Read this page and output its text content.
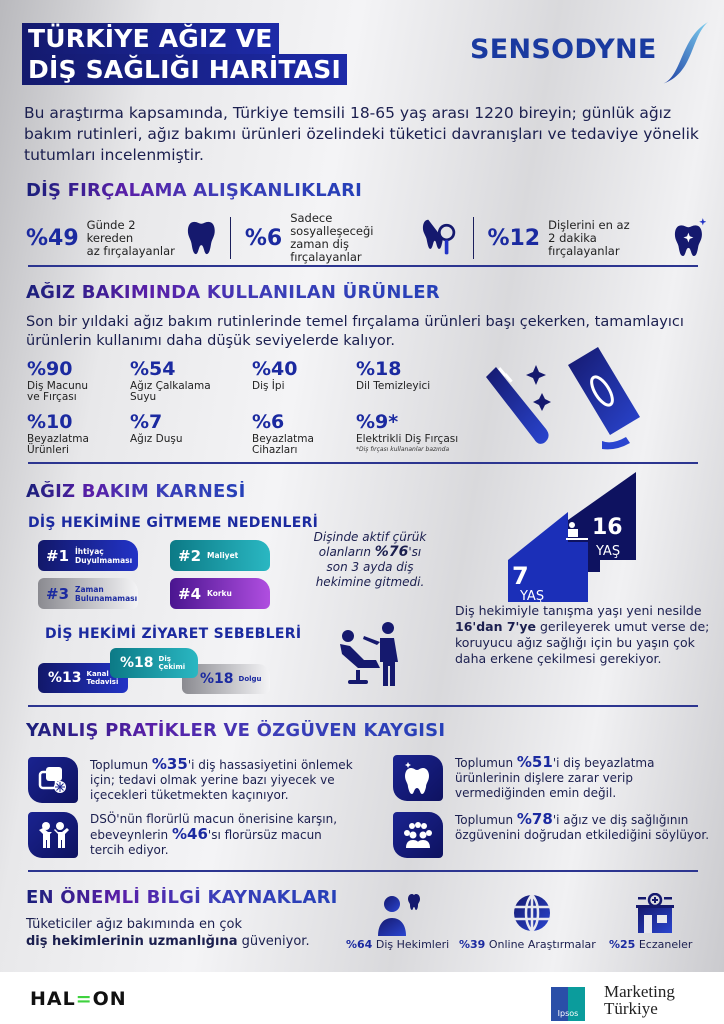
TÜRKİYE AĞIZ VE
DİŞ SAĞLIĞI HARİTASI
SENSODYNE
Bu araştırma kapsamında, Türkiye temsili 18-65 yaş arası 1220 bireyin; günlük ağız bakım rutinleri, ağız bakımı ürünleri özelindeki tüketici davranışları ve tedaviye yönelik tutumları incelenmiştir.
DİŞ FIRÇALAMA ALIŞKANLIKLARI
%49
Günde 2 kereden
az fırçalayanlar	%6
Sadece sosyalleşeceği
zaman diş fırçalayanlar
%12
Dişlerini en az
2 dakika fırçalayanlar
AĞIZ BAKIMINDA KULLANILAN ÜRÜNLER
Son bir yıldaki ağız bakım rutinlerinde temel fırçalama ürünleri başı çekerken, tamamlayıcı ürünlerin kullanımı daha düşük seviyelerde kalıyor.
%90
Diş Macunu
ve Fırçası
%54
Ağız Çalkalama
Suyu
%40
Diş İpi
%18
Dil Temizleyici
%10
Beyazlatma
Ürünleri
%7
Ağız Duşu
%6
Beyazlatma
Cihazları
%9*
Elektrikli Diş Fırçası
*Diş fırçası kullananlar bazında
AĞIZ BAKIM KARNESİ
DİŞ HEKİMİNE GİTMEME NEDENLERİ
#1 İhtiyaç
Duyulmaması	#2 Maliyet
#3 Zaman
Bulunamaması	#4 Korku
DİŞ HEKİMİ ZİYARET SEBEBLERİ
%13 Kanal
Tedavisi	%18 Dolgu
%18 Diş Çekimi
Dişinde aktif çürük
olanların %76'sı
son 3 ayda diş
hekimine gitmedi.
16
YAŞ
7
YAŞ
Diş hekimiyle tanışma yaşı yeni nesilde 16'dan 7'ye gerileyerek umut verse de; koruyucu ağız sağlığı için bu yaşın çok daha erkene çekilmesi gerekiyor.
YANLIŞ PRATİKLER VE ÖZGÜVEN KAYGISI
Toplumun %35'i diş hassasiyetini önlemek için; tedavi olmak yerine bazı yiyecek ve içecekleri tüketmekten kaçınıyor.
DSÖ'nün florürlü macun önerisine karşın, ebeveynlerin %46'sı florürsüz macun tercih ediyor.
Toplumun %51'i diş beyazlatma ürünlerinin dişlere zarar verip vermediğinden emin değil.
Toplumun %78'i ağız ve diş sağlığının özgüvenini doğrudan etkilediğini söylüyor.
EN ÖNEMLİ BİLGİ KAYNAKLARI
Tüketiciler ağız bakımında en çok
diş hekimlerinin uzmanlığına güveniyor.	%64 Diş Hekimleri %39 Online Araştırmalar %25 Eczaneler
HAL=ON
Ipsos
Marketing
Türkiye
